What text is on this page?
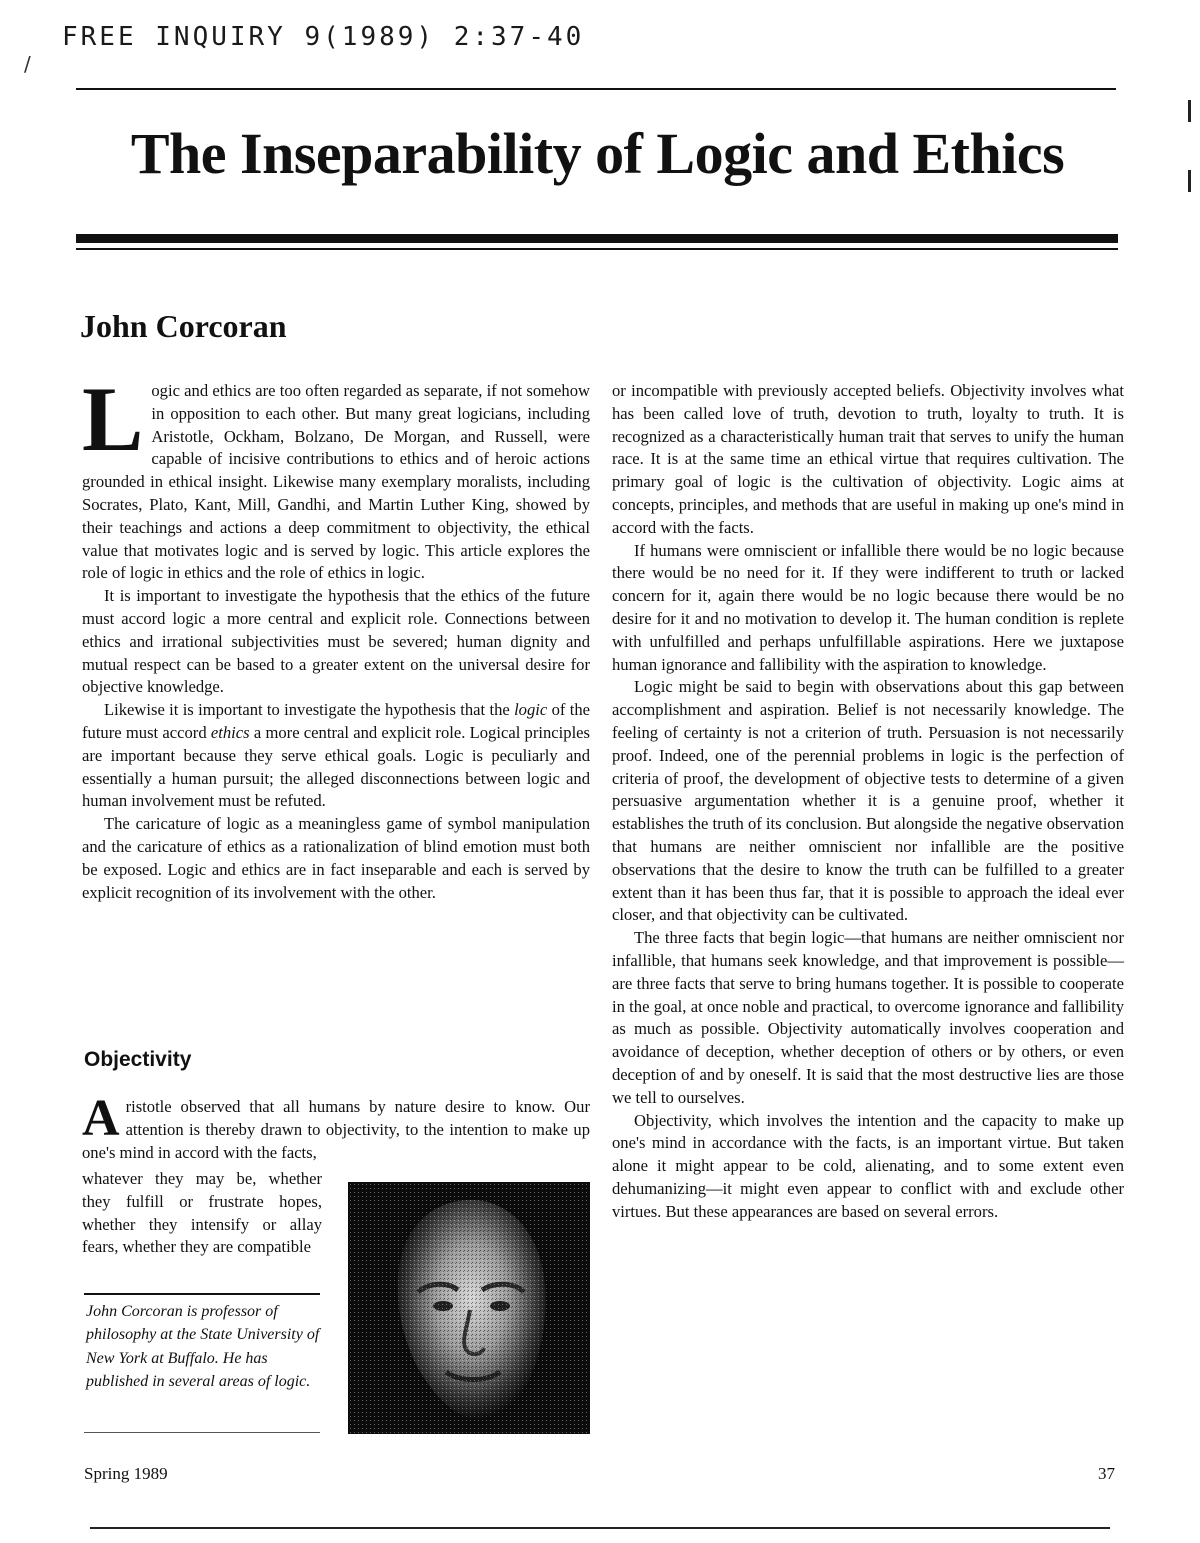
FREE INQUIRY 9(1989) 2:37-40
/
The Inseparability of Logic and Ethics
John Corcoran

Logic and ethics are too often regarded as separate, if not somehow in opposition to each other. But many great logicians, including Aristotle, Ockham, Bolzano, De Morgan, and Russell, were capable of incisive contributions to ethics and of heroic actions grounded in ethical insight. Likewise many exemplary moralists, including Socrates, Plato, Kant, Mill, Gandhi, and Martin Luther King, showed by their teachings and actions a deep commitment to objectivity, the ethical value that motivates logic and is served by logic. This article explores the role of logic in ethics and the role of ethics in logic.

It is important to investigate the hypothesis that the ethics of the future must accord logic a more central and explicit role. Connections between ethics and irrational subjectivities must be severed; human dignity and mutual respect can be based to a greater extent on the universal desire for objective knowledge.

Likewise it is important to investigate the hypothesis that the logic of the future must accord ethics a more central and explicit role. Logical principles are important because they serve ethical goals. Logic is peculiarly and essentially a human pursuit; the alleged disconnections between logic and human involvement must be refuted.

The caricature of logic as a meaningless game of symbol manipulation and the caricature of ethics as a rationalization of blind emotion must both be exposed. Logic and ethics are in fact inseparable and each is served by explicit recognition of its involvement with the other.

Objectivity

Aristotle observed that all humans by nature desire to know. Our attention is thereby drawn to objectivity, to the intention to make up one's mind in accord with the facts,

whatever they may be, whether they fulfill or frustrate hopes, whether they intensify or allay fears, whether they are compatible

John Corcoran is professor of philosophy at the State University of New York at Buffalo. He has published in several areas of logic.

or incompatible with previously accepted beliefs. Objectivity involves what has been called love of truth, devotion to truth, loyalty to truth. It is recognized as a characteristically human trait that serves to unify the human race. It is at the same time an ethical virtue that requires cultivation. The primary goal of logic is the cultivation of objectivity. Logic aims at concepts, principles, and methods that are useful in making up one's mind in accord with the facts.

If humans were omniscient or infallible there would be no logic because there would be no need for it. If they were indifferent to truth or lacked concern for it, again there would be no logic because there would be no desire for it and no motivation to develop it. The human condition is replete with unfulfilled and perhaps unfulfillable aspirations. Here we juxtapose human ignorance and fallibility with the aspiration to knowledge.

Logic might be said to begin with observations about this gap between accomplishment and aspiration. Belief is not necessarily knowledge. The feeling of certainty is not a criterion of truth. Persuasion is not necessarily proof. Indeed, one of the perennial problems in logic is the perfection of criteria of proof, the development of objective tests to determine of a given persuasive argumentation whether it is a genuine proof, whether it establishes the truth of its conclusion. But alongside the negative observation that humans are neither omniscient nor infallible are the positive observations that the desire to know the truth can be fulfilled to a greater extent than it has been thus far, that it is possible to approach the ideal ever closer, and that objectivity can be cultivated.

The three facts that begin logic—that humans are neither omniscient nor infallible, that humans seek knowledge, and that improvement is possible—are three facts that serve to bring humans together. It is possible to cooperate in the goal, at once noble and practical, to overcome ignorance and fallibility as much as possible. Objectivity automatically involves cooperation and avoidance of deception, whether deception of others or by others, or even deception of and by oneself. It is said that the most destructive lies are those we tell to ourselves.

Objectivity, which involves the intention and the capacity to make up one's mind in accordance with the facts, is an important virtue. But taken alone it might appear to be cold, alienating, and to some extent even dehumanizing—it might even appear to conflict with and exclude other virtues. But these appearances are based on several errors.

Spring 1989	37
